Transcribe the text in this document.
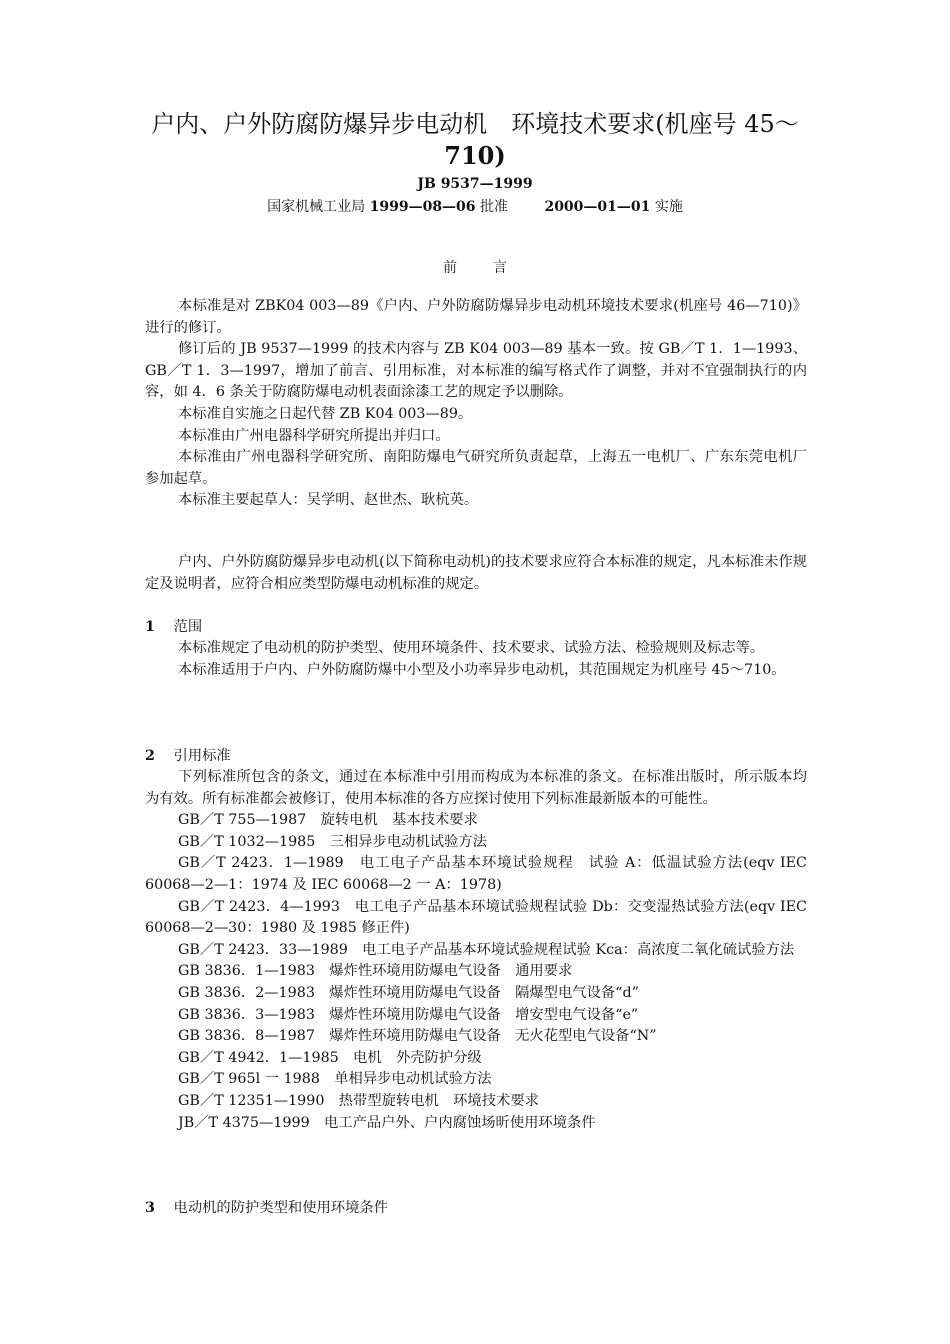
户内、户外防腐防爆异步电动机　环境技术要求(机座号 45～
710)
JB 9537—1999
国家机械工业局 1999—08—06 批准	2000—01—01 实施
前言

本标准是对 ZBK04 003—89《户内、户外防腐防爆异步电动机环境技术要求(机座号 46—710)》进行的修订。

修订后的 JB 9537—1999 的技术内容与 ZB K04 003—89 基本一致。按 GB／T 1．1—1993、GB／T 1．3—1997，增加了前言、引用标准，对本标准的编写格式作了调整，并对不宜强制执行的内容，如 4．6 条关于防腐防爆电动机表面涂漆工艺的规定予以删除。

本标准自实施之日起代替 ZB K04 003—89。

本标准由广州电器科学研究所提出并归口。

本标准由广州电器科学研究所、南阳防爆电气研究所负责起草，上海五一电机厂、广东东莞电机厂参加起草。

本标准主要起草人：吴学明、赵世杰、耿杭英。

户内、户外防腐防爆异步电动机(以下简称电动机)的技术要求应符合本标准的规定，凡本标准未作规定及说明者，应符合相应类型防爆电动机标准的规定。

1 范围

本标准规定了电动机的防护类型、使用环境条件、技术要求、试验方法、检验规则及标志等。

本标准适用于户内、户外防腐防爆中小型及小功率异步电动机，其范围规定为机座号 45～710。

2 引用标准

下列标准所包含的条文，通过在本标准中引用而构成为本标准的条文。在标准出版时，所示版本均为有效。所有标准都会被修订，使用本标准的各方应探讨使用下列标准最新版本的可能性。

GB／T 755—1987　旋转电机　基本技术要求

GB／T 1032—1985　三相异步电动机试验方法

GB／T 2423．1—1989　电工电子产品基本环境试验规程　试验 A：低温试验方法(eqv IEC 60068—2—1：1974 及 IEC 60068—2 一 A：1978)

GB／T 2423．4—1993　电工电子产品基本环境试验规程试验 Db：交变湿热试验方法(eqv IEC 60068—2—30：1980 及 1985 修正件)

GB／T 2423．33—1989　电工电子产品基本环境试验规程试验 Kca：高浓度二氧化硫试验方法

GB 3836．1—1983　爆炸性环境用防爆电气设备　通用要求

GB 3836．2—1983　爆炸性环境用防爆电气设备　隔爆型电气设备“d”

GB 3836．3—1983　爆炸性环境用防爆电气设备　增安型电气设备“e”

GB 3836．8—1987　爆炸性环境用防爆电气设备　无火花型电气设备“N”

GB／T 4942．1—1985　电机　外壳防护分级

GB／T 965l 一 1988　单相异步电动机试验方法

GB／T 12351—1990　热带型旋转电机　环境技术要求

JB／T 4375—1999　电工产品户外、户内腐蚀场昕使用环境条件

3 电动机的防护类型和使用环境条件
